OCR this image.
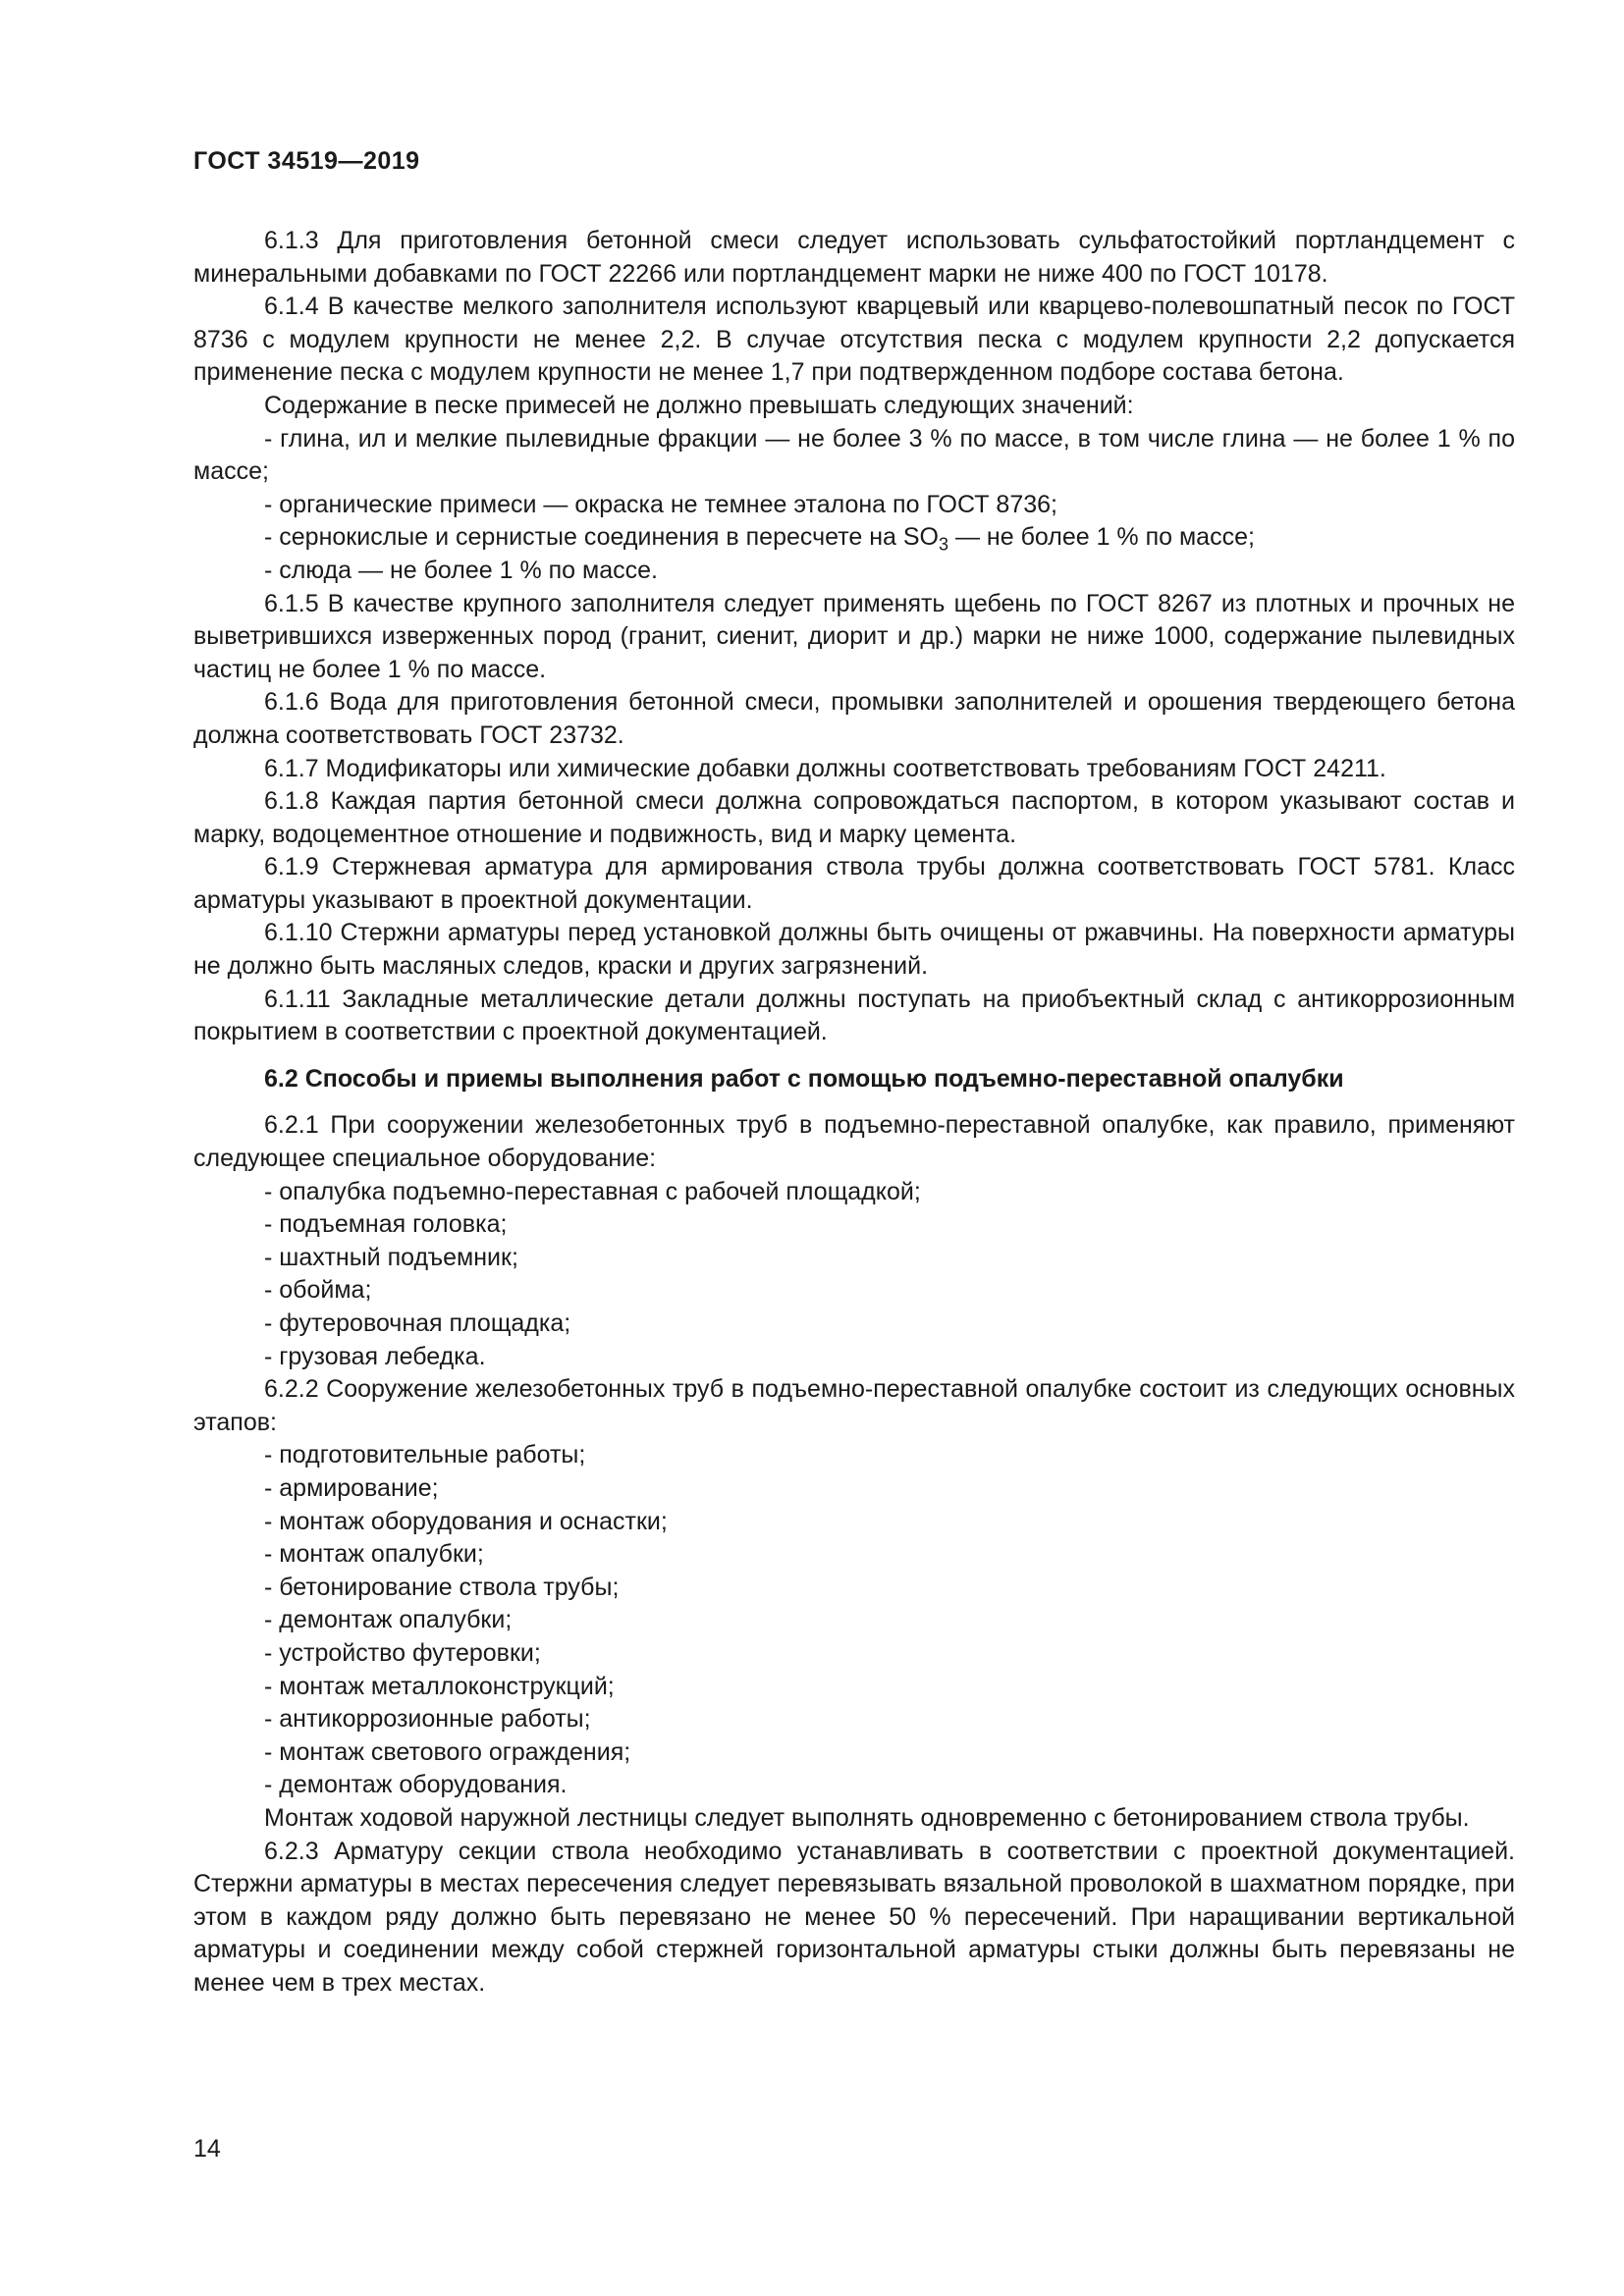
ГОСТ 34519—2019

6.1.3 Для приготовления бетонной смеси следует использовать сульфатостойкий портландцемент с минеральными добавками по ГОСТ 22266 или портландцемент марки не ниже 400 по ГОСТ 10178.

6.1.4 В качестве мелкого заполнителя используют кварцевый или кварцево-полевошпатный песок по ГОСТ 8736 с модулем крупности не менее 2,2. В случае отсутствия песка с модулем крупности 2,2 допускается применение песка с модулем крупности не менее 1,7 при подтвержденном подборе состава бетона.

Содержание в песке примесей не должно превышать следующих значений:

- глина, ил и мелкие пылевидные фракции — не более 3 % по массе, в том числе глина — не более 1 % по массе;

- органические примеси — окраска не темнее эталона по ГОСТ 8736;

- сернокислые и сернистые соединения в пересчете на $SO_3$ — не более 1 % по массе;

- слюда — не более 1 % по массе.

6.1.5 В качестве крупного заполнителя следует применять щебень по ГОСТ 8267 из плотных и прочных не выветрившихся изверженных пород (гранит, сиенит, диорит и др.) марки не ниже 1000, содержание пылевидных частиц не более 1 % по массе.

6.1.6 Вода для приготовления бетонной смеси, промывки заполнителей и орошения твердеющего бетона должна соответствовать ГОСТ 23732.

6.1.7 Модификаторы или химические добавки должны соответствовать требованиям ГОСТ 24211.

6.1.8 Каждая партия бетонной смеси должна сопровождаться паспортом, в котором указывают состав и марку, водоцементное отношение и подвижность, вид и марку цемента.

6.1.9 Стержневая арматура для армирования ствола трубы должна соответствовать ГОСТ 5781. Класс арматуры указывают в проектной документации.

6.1.10 Стержни арматуры перед установкой должны быть очищены от ржавчины. На поверхности арматуры не должно быть масляных следов, краски и других загрязнений.

6.1.11 Закладные металлические детали должны поступать на приобъектный склад с антикоррозионным покрытием в соответствии с проектной документацией.

6.2 Способы и приемы выполнения работ с помощью подъемно-переставной опалубки

6.2.1 При сооружении железобетонных труб в подъемно-переставной опалубке, как правило, применяют следующее специальное оборудование:

- опалубка подъемно-переставная с рабочей площадкой;

- подъемная головка;

- шахтный подъемник;

- обойма;

- футеровочная площадка;

- грузовая лебедка.

6.2.2 Сооружение железобетонных труб в подъемно-переставной опалубке состоит из следующих основных этапов:

- подготовительные работы;

- армирование;

- монтаж оборудования и оснастки;

- монтаж опалубки;

- бетонирование ствола трубы;

- демонтаж опалубки;

- устройство футеровки;

- монтаж металлоконструкций;

- антикоррозионные работы;

- монтаж светового ограждения;

- демонтаж оборудования.

Монтаж ходовой наружной лестницы следует выполнять одновременно с бетонированием ствола трубы.

6.2.3 Арматуру секции ствола необходимо устанавливать в соответствии с проектной документацией. Стержни арматуры в местах пересечения следует перевязывать вязальной проволокой в шахматном порядке, при этом в каждом ряду должно быть перевязано не менее 50 % пересечений. При наращивании вертикальной арматуры и соединении между собой стержней горизонтальной арматуры стыки должны быть перевязаны не менее чем в трех местах.

14
